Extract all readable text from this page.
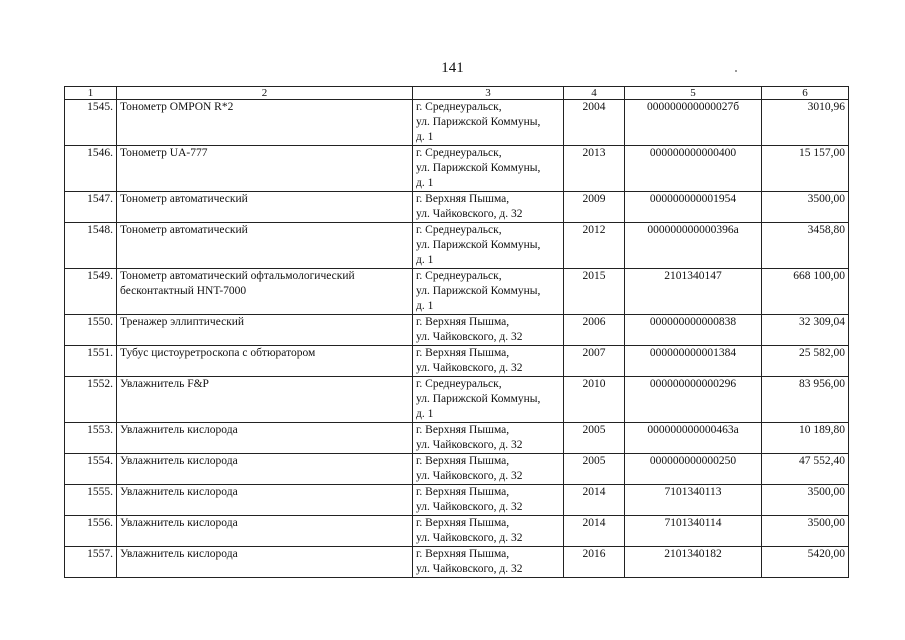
141
1	2	3	4	5	6
1545.	Тонометр OMPON R*2	г. Среднеуральск,
ул. Парижской Коммуны,
д. 1	2004	000000000000027б	3010,96
1546.	Тонометр UA-777	г. Среднеуральск,
ул. Парижской Коммуны,
д. 1	2013	000000000000400	15 157,00
1547.	Тонометр автоматический	г. Верхняя Пышма,
ул. Чайковского, д. 32	2009	000000000001954	3500,00
1548.	Тонометр автоматический	г. Среднеуральск,
ул. Парижской Коммуны,
д. 1	2012	000000000000396а	3458,80
1549.	Тонометр автоматический офтальмологический бесконтактный HNT-7000	г. Среднеуральск,
ул. Парижской Коммуны,
д. 1	2015	2101340147	668 100,00
1550.	Тренажер эллиптический	г. Верхняя Пышма,
ул. Чайковского, д. 32	2006	000000000000838	32 309,04
1551.	Тубус цистоуретроскопа с обтюратором	г. Верхняя Пышма,
ул. Чайковского, д. 32	2007	000000000001384	25 582,00
1552.	Увлажнитель F&P	г. Среднеуральск,
ул. Парижской Коммуны,
д. 1	2010	000000000000296	83 956,00
1553.	Увлажнитель кислорода	г. Верхняя Пышма,
ул. Чайковского, д. 32	2005	000000000000463а	10 189,80
1554.	Увлажнитель кислорода	г. Верхняя Пышма,
ул. Чайковского, д. 32	2005	000000000000250	47 552,40
1555.	Увлажнитель кислорода	г. Верхняя Пышма,
ул. Чайковского, д. 32	2014	7101340113	3500,00
1556.	Увлажнитель кислорода	г. Верхняя Пышма,
ул. Чайковского, д. 32	2014	7101340114	3500,00
1557.	Увлажнитель кислорода	г. Верхняя Пышма,
ул. Чайковского, д. 32	2016	2101340182	5420,00
